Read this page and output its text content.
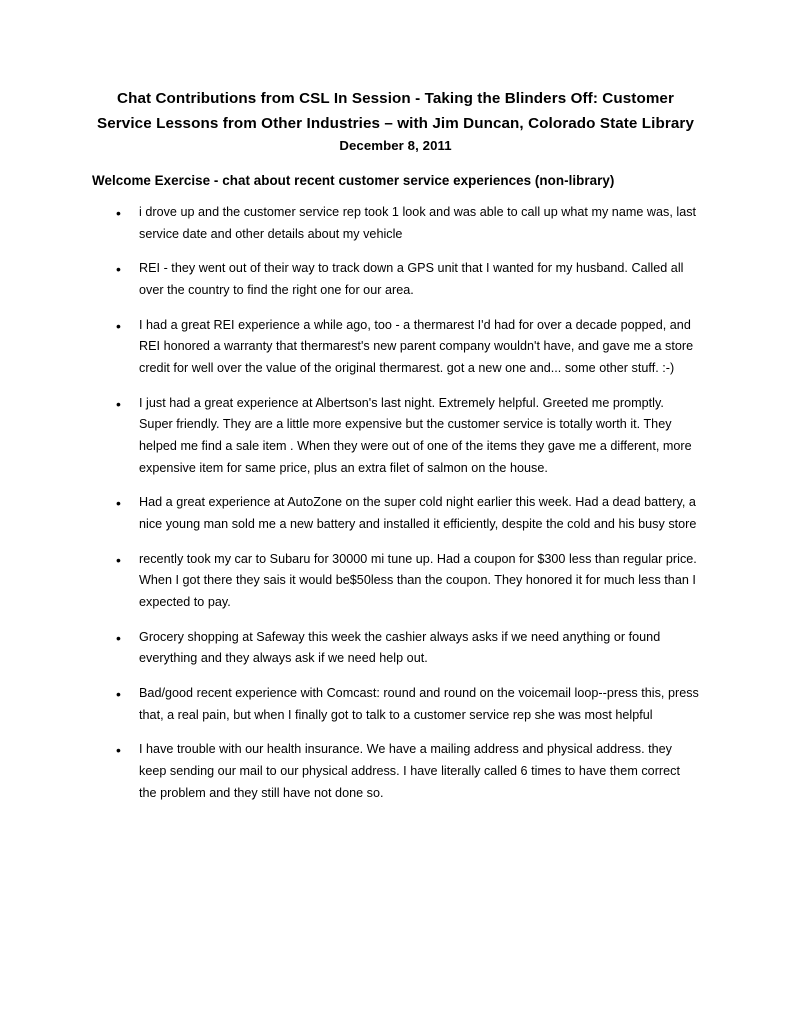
Chat Contributions from CSL In Session - Taking the Blinders Off: Customer Service Lessons from Other Industries – with Jim Duncan, Colorado State Library
December 8, 2011
Welcome Exercise - chat about recent customer service experiences (non-library)
• i drove up and the customer service rep took 1 look and was able to call up what my name was, last service date and other details about my vehicle
• REI - they went out of their way to track down a GPS unit that I wanted for my husband. Called all over the country to find the right one for our area.
• I had a great REI experience a while ago, too - a thermarest I'd had for over a decade popped, and REI honored a warranty that thermarest's new parent company wouldn't have, and gave me a store credit for well over the value of the original thermarest. got a new one and... some other stuff. :-)
• I just had a great experience at Albertson's last night. Extremely helpful. Greeted me promptly. Super friendly. They are a little more expensive but the customer service is totally worth it. They helped me find a sale item . When they were out of one of the items they gave me a different, more expensive item for same price, plus an extra filet of salmon on the house.
• Had a great experience at AutoZone on the super cold night earlier this week. Had a dead battery, a nice young man sold me a new battery and installed it efficiently, despite the cold and his busy store
• recently took my car to Subaru for 30000 mi tune up. Had a coupon for $300 less than regular price. When I got there they sais it would be$50less than the coupon. They honored it for much less than I expected to pay.
• Grocery shopping at Safeway this week the cashier always asks if we need anything or found everything and they always ask if we need help out.
• Bad/good recent experience with Comcast: round and round on the voicemail loop--press this, press that, a real pain, but when I finally got to talk to a customer service rep she was most helpful
• I have trouble with our health insurance. We have a mailing address and physical address. they keep sending our mail to our physical address. I have literally called 6 times to have them correct the problem and they still have not done so.
